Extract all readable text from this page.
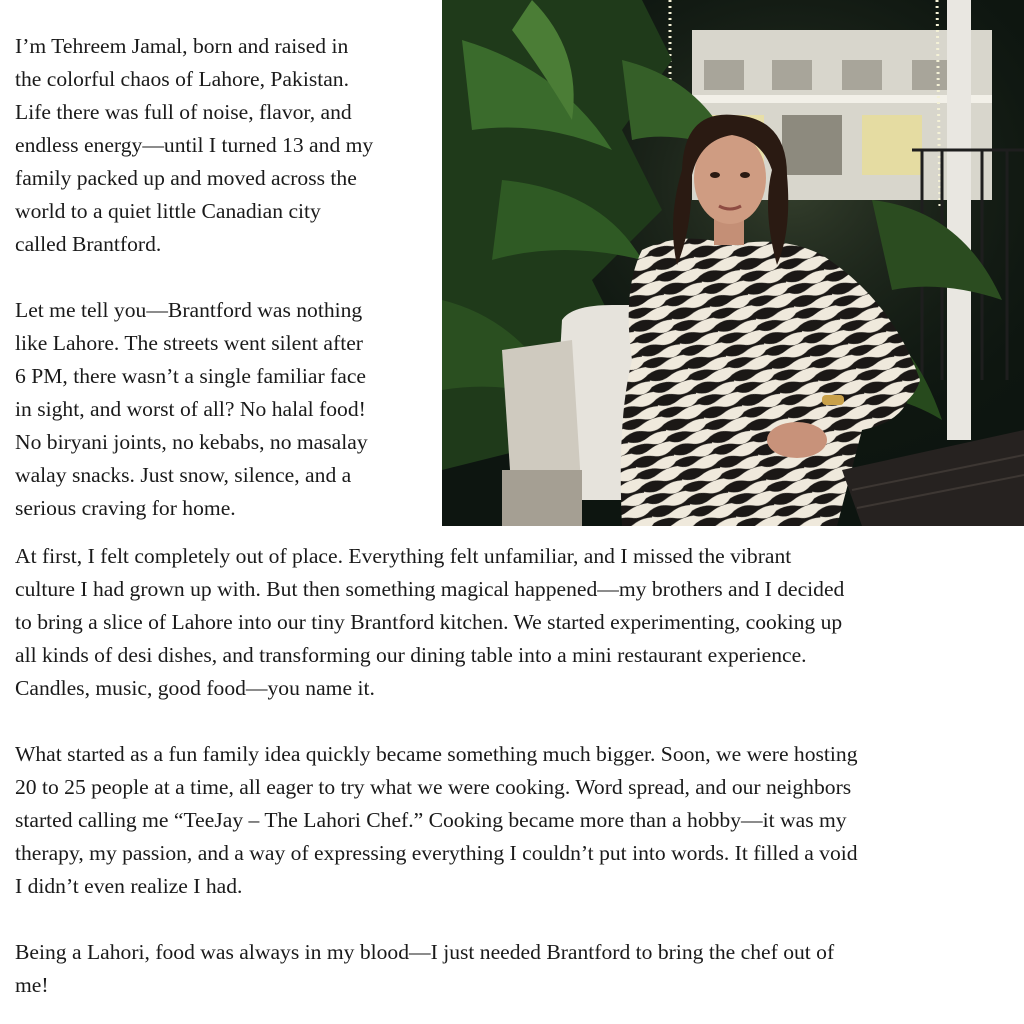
I’m Tehreem Jamal, born and raised in
the colorful chaos of Lahore, Pakistan.
Life there was full of noise, flavor, and
endless energy—until I turned 13 and my
family packed up and moved across the
world to a quiet little Canadian city
called Brantford.

Let me tell you—Brantford was nothing
like Lahore. The streets went silent after
6 PM, there wasn’t a single familiar face
in sight, and worst of all? No halal food!
No biryani joints, no kebabs, no masalay
walay snacks. Just snow, silence, and a
serious craving for home.

At first, I felt completely out of place. Everything felt unfamiliar, and I missed the vibrant
culture I had grown up with. But then something magical happened—my brothers and I decided
to bring a slice of Lahore into our tiny Brantford kitchen. We started experimenting, cooking up
all kinds of desi dishes, and transforming our dining table into a mini restaurant experience.
Candles, music, good food—you name it.

What started as a fun family idea quickly became something much bigger. Soon, we were hosting
20 to 25 people at a time, all eager to try what we were cooking. Word spread, and our neighbors
started calling me “TeeJay – The Lahori Chef.” Cooking became more than a hobby—it was my
therapy, my passion, and a way of expressing everything I couldn’t put into words. It filled a void
I didn’t even realize I had.

Being a Lahori, food was always in my blood—I just needed Brantford to bring the chef out of
me!
